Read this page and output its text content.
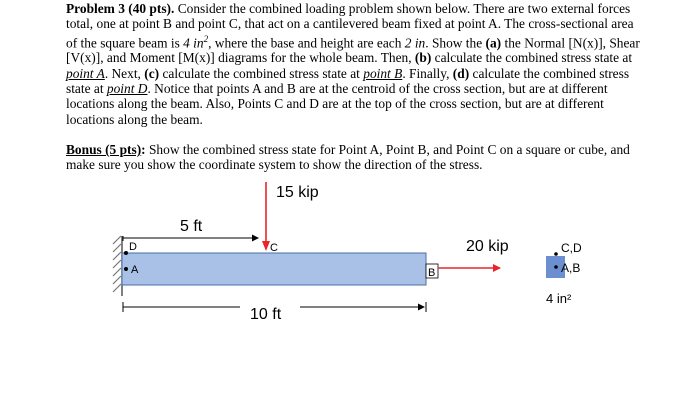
Problem 3 (40 pts). Consider the combined loading problem shown below. There are two external forces total, one at point B and point C, that act on a cantilevered beam fixed at point A. The cross-sectional area of the square beam is 4 $in^2$, where the base and height are each 2 in. Show the (a) the Normal [N(x)], Shear [V(x)], and Moment [M(x)] diagrams for the whole beam. Then, (b) calculate the combined stress state at point A. Next, (c) calculate the combined stress state at point B. Finally, (d) calculate the combined stress state at point D. Notice that points A and B are at the centroid of the cross section, but are at different locations along the beam. Also, Points C and D are at the top of the cross section, but are at different locations along the beam.
Bonus (5 pts): Show the combined stress state for Point A, Point B, and Point C on a square or cube, and make sure you show the coordinate system to show the direction of the stress.
D
A
C
B
15 kip
20 kip
5 ft
10 ft
C,D
A,B
4 in²
